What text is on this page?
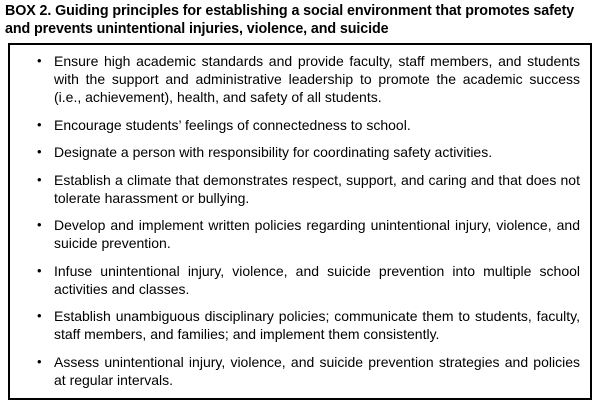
BOX 2. Guiding principles for establishing a social environment that promotes safety and prevents unintentional injuries, violence, and suicide
• Ensure high academic standards and provide faculty, staff members, and students with the support and administrative leadership to promote the academic success (i.e., achievement), health, and safety of all students.
• Encourage students’ feelings of connectedness to school.
• Designate a person with responsibility for coordinating safety activities.
• Establish a climate that demonstrates respect, support, and caring and that does not tolerate harassment or bullying.
• Develop and implement written policies regarding unintentional injury, violence, and suicide prevention.
• Infuse unintentional injury, violence, and suicide prevention into multiple school activities and classes.
• Establish unambiguous disciplinary policies; communicate them to students, faculty, staff members, and families; and implement them consistently.
• Assess unintentional injury, violence, and suicide prevention strategies and policies at regular intervals.
